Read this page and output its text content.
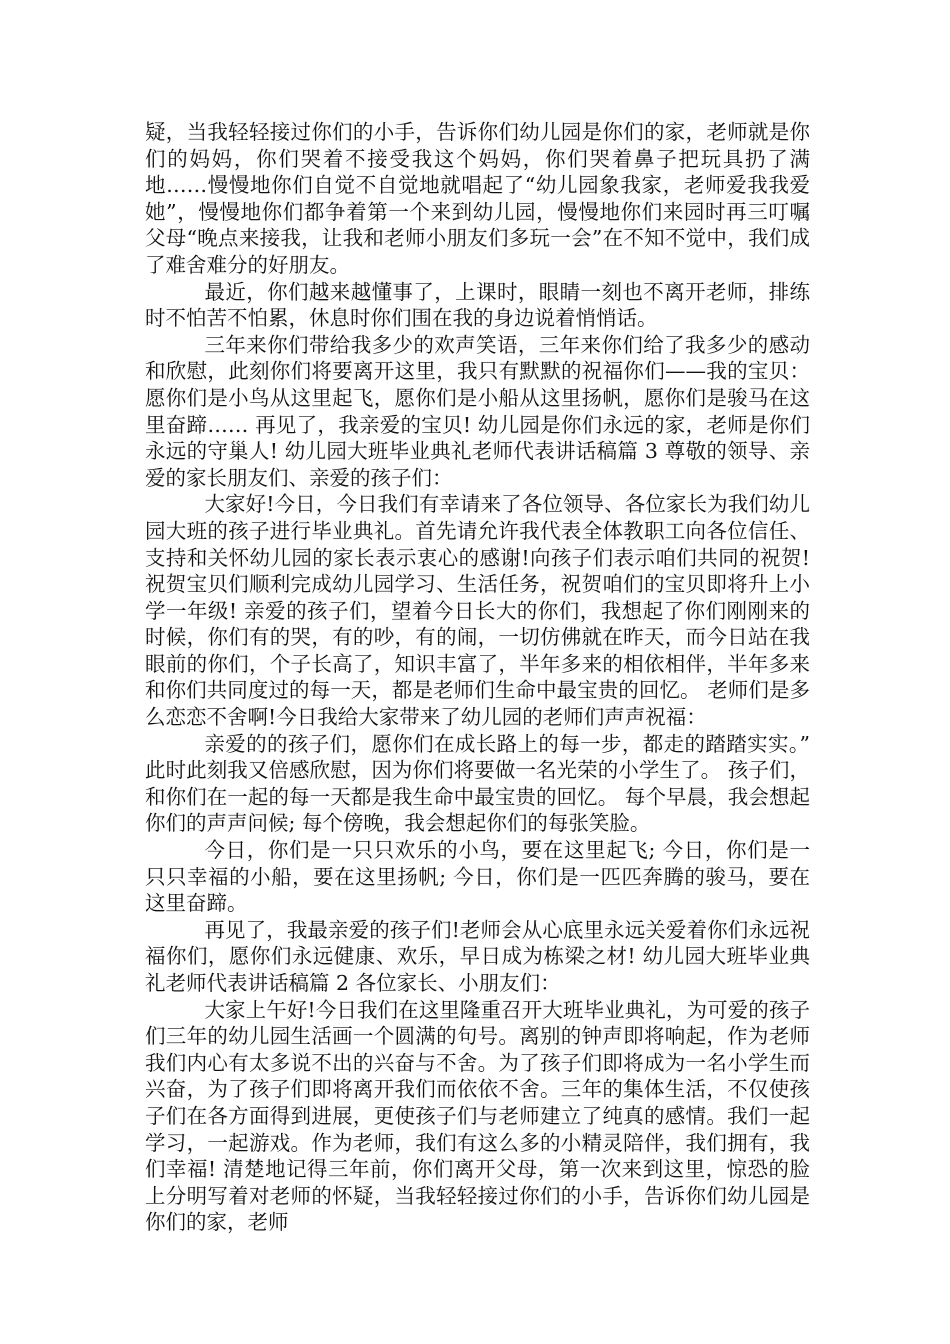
疑，当我轻轻接过你们的小手，告诉你们幼儿园是你们的家，老师就是你们的妈妈，你们哭着不接受我这个妈妈，你们哭着鼻子把玩具扔了满地……慢慢地你们自觉不自觉地就唱起了“幼儿园象我家，老师爱我我爱她”，慢慢地你们都争着第一个来到幼儿园，慢慢地你们来园时再三叮嘱父母“晚点来接我，让我和老师小朋友们多玩一会”在不知不觉中，我们成了难舍难分的好朋友。

最近，你们越来越懂事了，上课时，眼睛一刻也不离开老师，排练时不怕苦不怕累，休息时你们围在我的身边说着悄悄话。

三年来你们带给我多少的欢声笑语，三年来你们给了我多少的感动和欣慰，此刻你们将要离开这里，我只有默默的祝福你们——我的宝贝：愿你们是小鸟从这里起飞，愿你们是小船从这里扬帆，愿你们是骏马在这里奋蹄…… 再见了，我亲爱的宝贝! 幼儿园是你们永远的家，老师是你们永远的守巢人! 幼儿园大班毕业典礼老师代表讲话稿篇 3 尊敬的领导、亲爱的家长朋友们、亲爱的孩子们：

大家好!今日，今日我们有幸请来了各位领导、各位家长为我们幼儿园大班的孩子进行毕业典礼。首先请允许我代表全体教职工向各位信任、支持和关怀幼儿园的家长表示衷心的感谢!向孩子们表示咱们共同的祝贺!祝贺宝贝们顺利完成幼儿园学习、生活任务，祝贺咱们的宝贝即将升上小学一年级! 亲爱的孩子们，望着今日长大的你们，我想起了你们刚刚来的时候，你们有的哭，有的吵，有的闹，一切仿佛就在昨天，而今日站在我眼前的你们，个子长高了，知识丰富了，半年多来的相依相伴，半年多来和你们共同度过的每一天，都是老师们生命中最宝贵的回忆。 老师们是多么恋恋不舍啊!今日我给大家带来了幼儿园的老师们声声祝福：

亲爱的的孩子们，愿你们在成长路上的每一步，都走的踏踏实实。” 此时此刻我又倍感欣慰，因为你们将要做一名光荣的小学生了。 孩子们，和你们在一起的每一天都是我生命中最宝贵的回忆。 每个早晨，我会想起你们的声声问候; 每个傍晚，我会想起你们的每张笑脸。

今日，你们是一只只欢乐的小鸟，要在这里起飞; 今日，你们是一只只幸福的小船，要在这里扬帆; 今日，你们是一匹匹奔腾的骏马，要在这里奋蹄。

再见了，我最亲爱的孩子们!老师会从心底里永远关爱着你们永远祝福你们，愿你们永远健康、欢乐，早日成为栋梁之材! 幼儿园大班毕业典礼老师代表讲话稿篇 2 各位家长、小朋友们：

大家上午好!今日我们在这里隆重召开大班毕业典礼，为可爱的孩子们三年的幼儿园生活画一个圆满的句号。离别的钟声即将响起，作为老师我们内心有太多说不出的兴奋与不舍。为了孩子们即将成为一名小学生而兴奋，为了孩子们即将离开我们而依依不舍。三年的集体生活，不仅使孩子们在各方面得到进展，更使孩子们与老师建立了纯真的感情。我们一起学习，一起游戏。作为老师，我们有这么多的小精灵陪伴，我们拥有，我们幸福! 清楚地记得三年前，你们离开父母，第一次来到这里，惊恐的脸上分明写着对老师的怀疑，当我轻轻接过你们的小手，告诉你们幼儿园是你们的家，老师
